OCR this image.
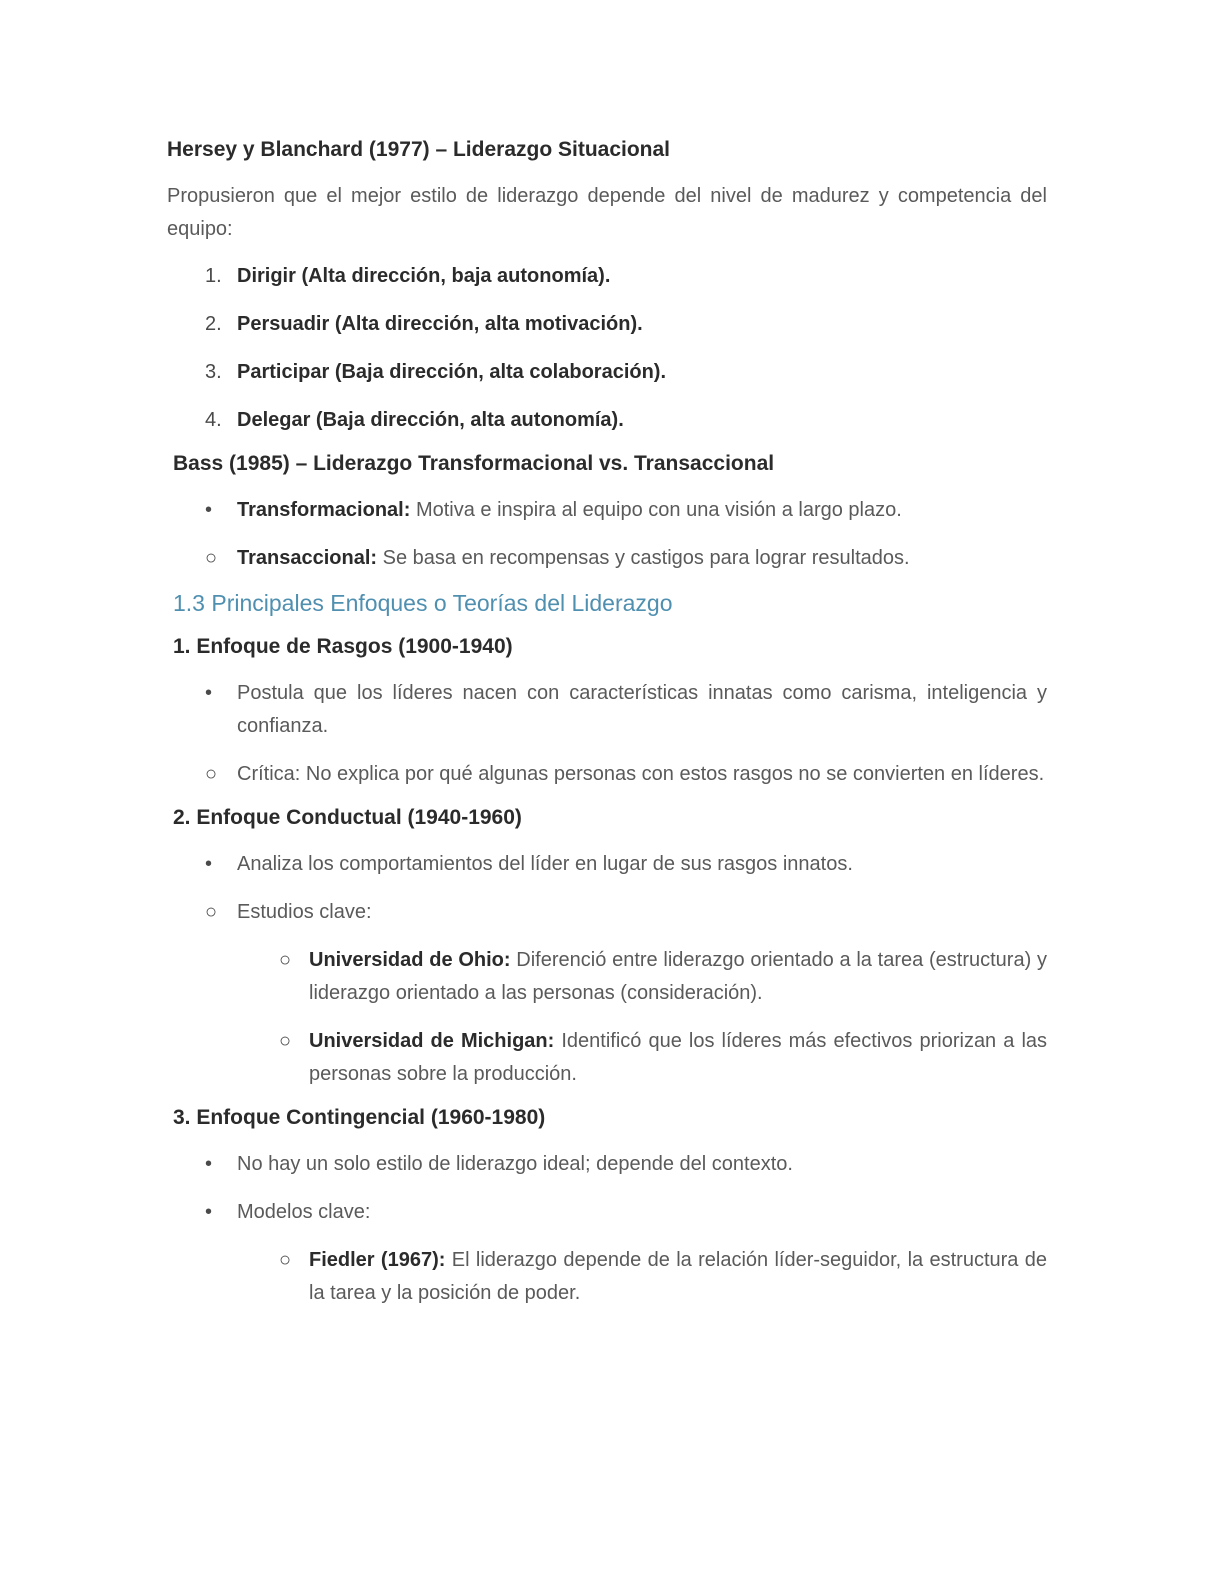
Hersey y Blanchard (1977) – Liderazgo Situacional

Propusieron que el mejor estilo de liderazgo depende del nivel de madurez y competencia del equipo:

1. Dirigir (Alta dirección, baja autonomía).
2. Persuadir (Alta dirección, alta motivación).
3. Participar (Baja dirección, alta colaboración).
4. Delegar (Baja dirección, alta autonomía).
Bass (1985) – Liderazgo Transformacional vs. Transaccional
• Transformacional: Motiva e inspira al equipo con una visión a largo plazo.
○ Transaccional: Se basa en recompensas y castigos para lograr resultados.
1.3 Principales Enfoques o Teorías del Liderazgo
1. Enfoque de Rasgos (1900-1940)
• Postula que los líderes nacen con características innatas como carisma, inteligencia y confianza.
○ Crítica: No explica por qué algunas personas con estos rasgos no se convierten en líderes.
2. Enfoque Conductual (1940-1960)
• Analiza los comportamientos del líder en lugar de sus rasgos innatos.
○ Estudios clave:
○ Universidad de Ohio: Diferenció entre liderazgo orientado a la tarea (estructura) y liderazgo orientado a las personas (consideración).
○ Universidad de Michigan: Identificó que los líderes más efectivos priorizan a las personas sobre la producción.
3. Enfoque Contingencial (1960-1980)
• No hay un solo estilo de liderazgo ideal; depende del contexto.
• Modelos clave:
○ Fiedler (1967): El liderazgo depende de la relación líder-seguidor, la estructura de la tarea y la posición de poder.
